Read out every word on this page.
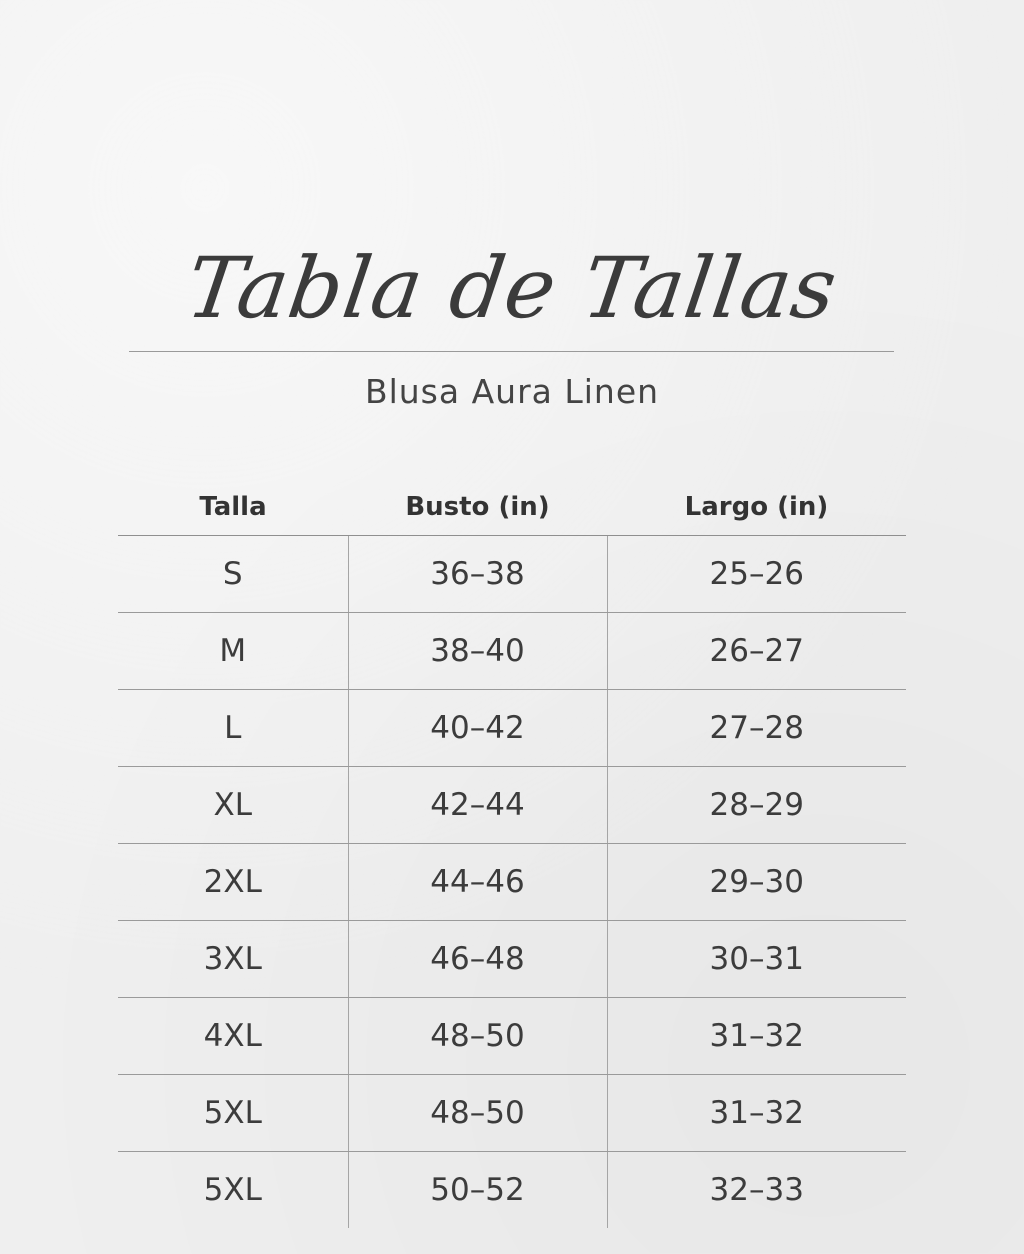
Tabla de Tallas
Blusa Aura Linen
Talla	Busto (in)	Largo (in)
S	36–38	25–26
M	38–40	26–27
L	40–42	27–28
XL	42–44	28–29
2XL	44–46	29–30
3XL	46–48	30–31
4XL	48–50	31–32
5XL	48–50	31–32
5XL	50–52	32–33
